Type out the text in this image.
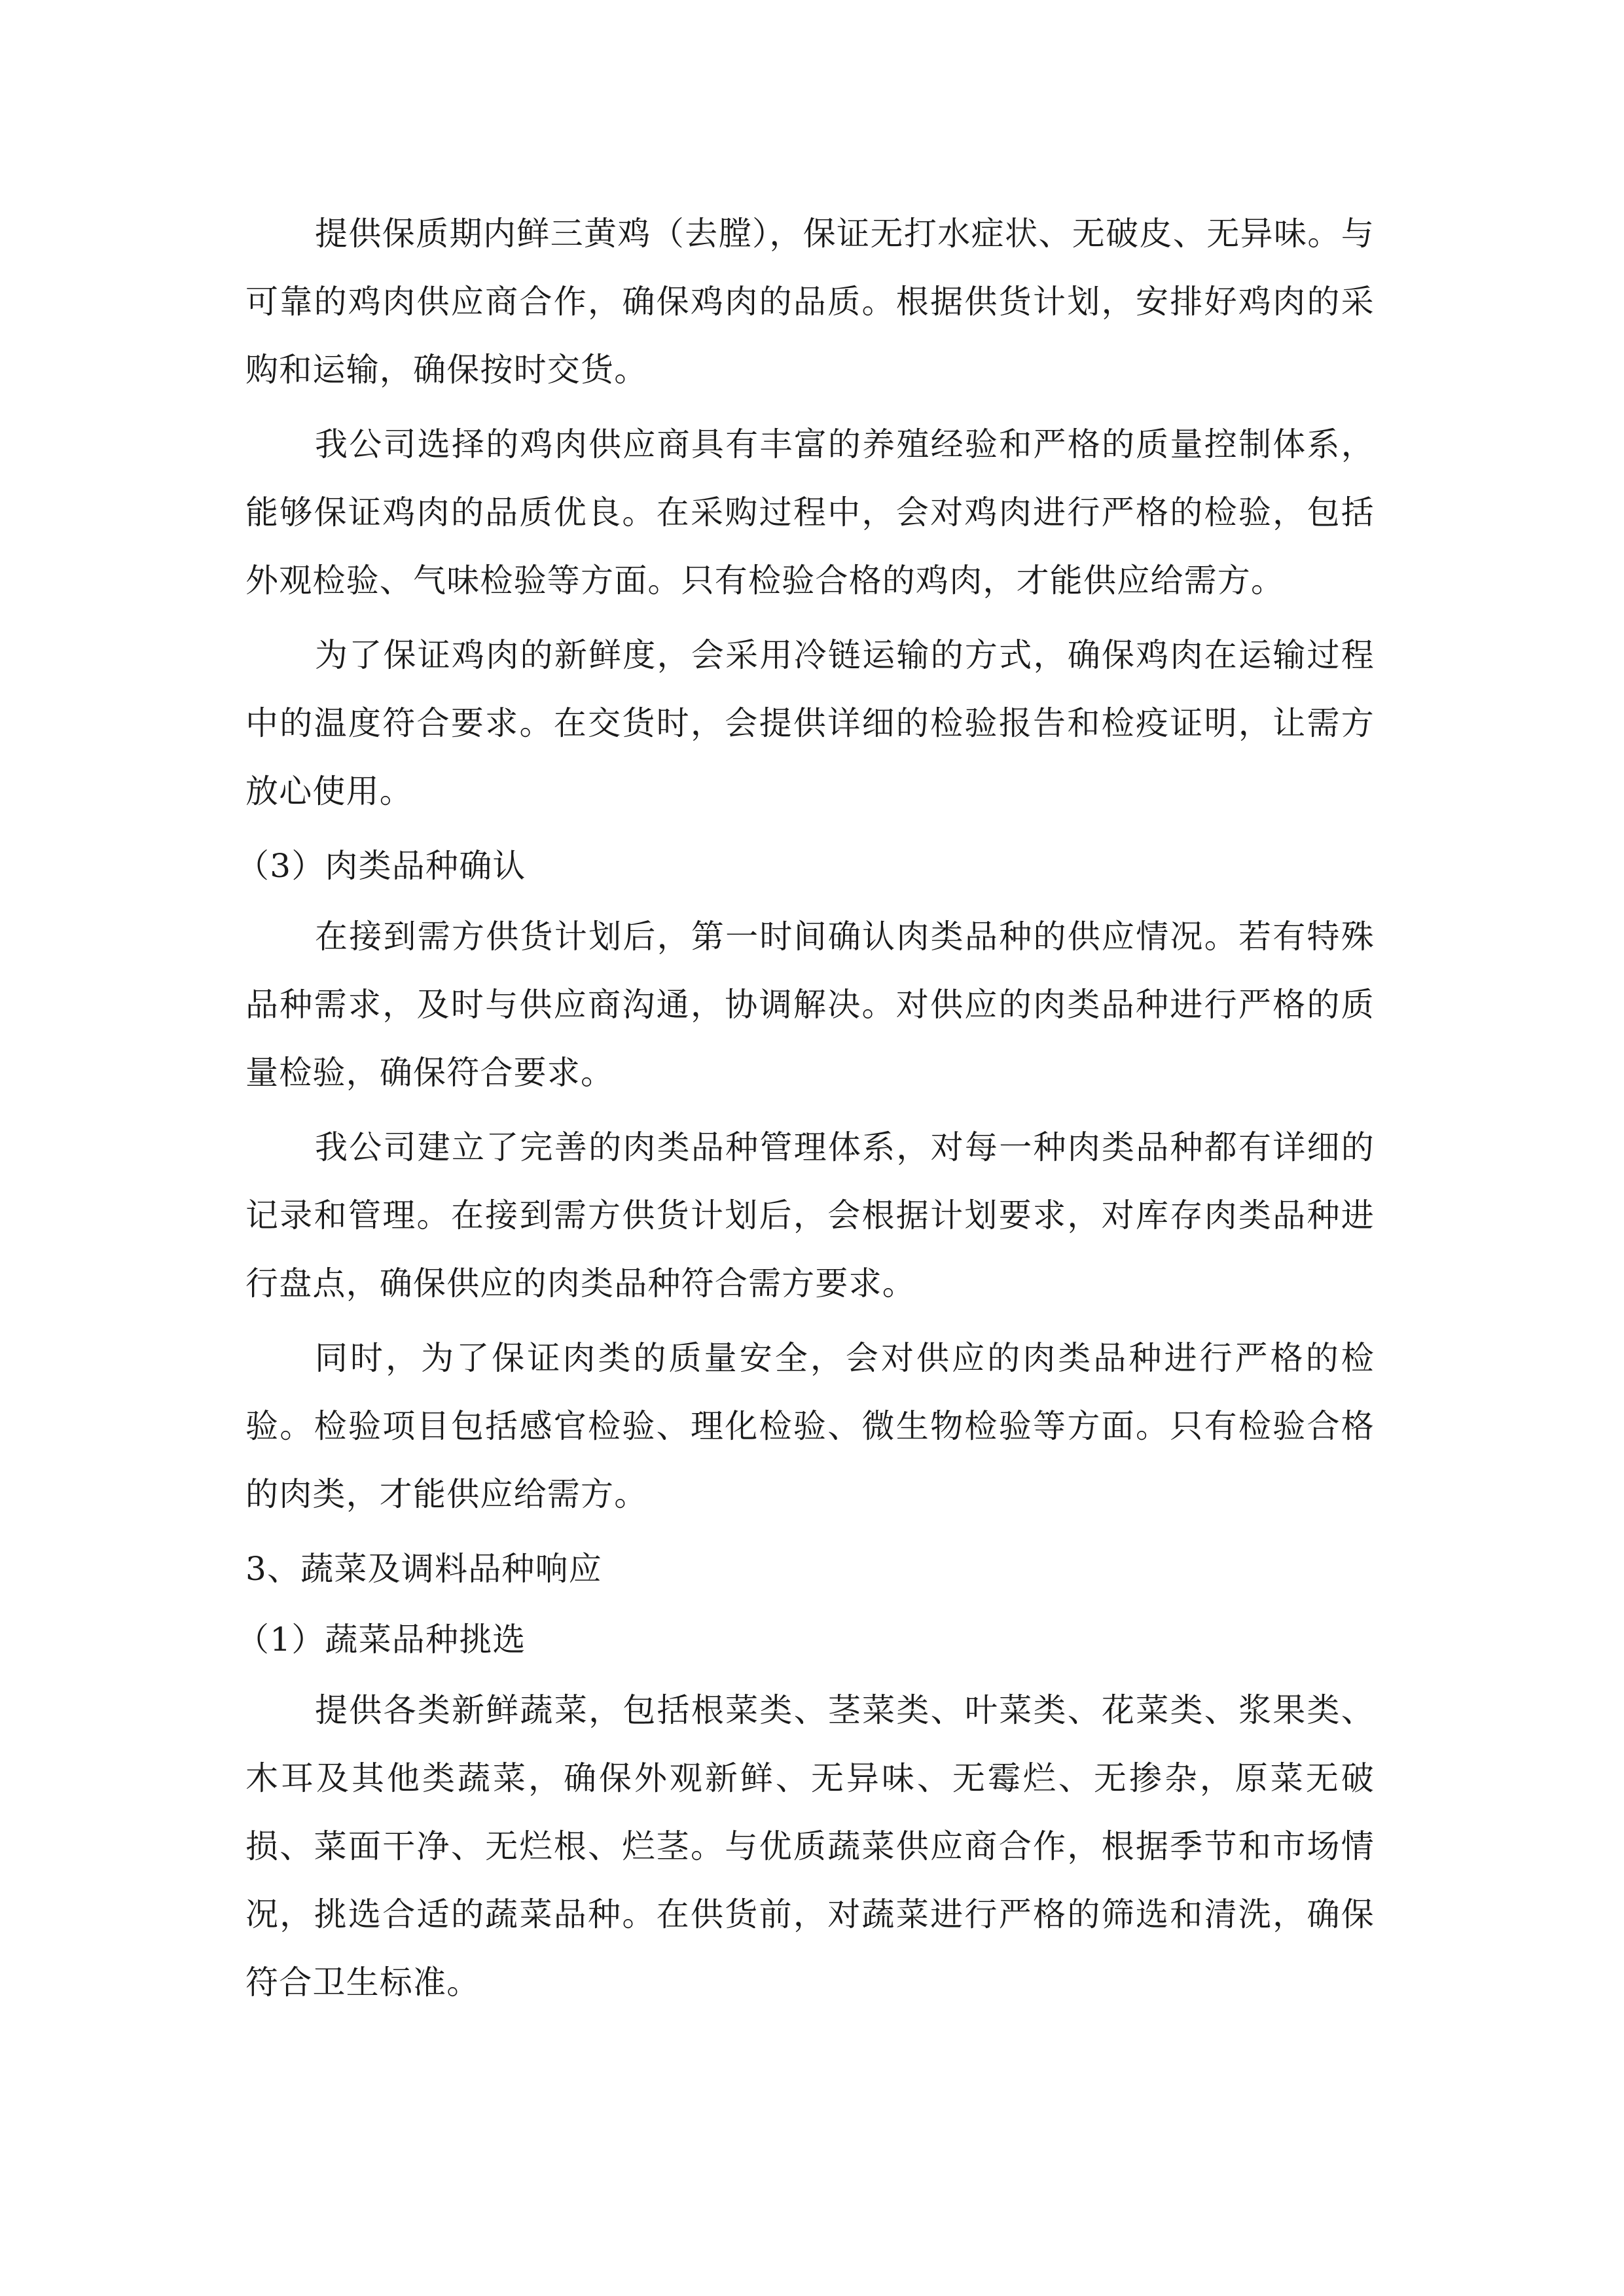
提供保质期内鲜三黄鸡（去膛），保证无打水症状、无破皮、无异味。与可靠的鸡肉供应商合作，确保鸡肉的品质。根据供货计划，安排好鸡肉的采购和运输，确保按时交货。

我公司选择的鸡肉供应商具有丰富的养殖经验和严格的质量控制体系，能够保证鸡肉的品质优良。在采购过程中，会对鸡肉进行严格的检验，包括外观检验、气味检验等方面。只有检验合格的鸡肉，才能供应给需方。

为了保证鸡肉的新鲜度，会采用冷链运输的方式，确保鸡肉在运输过程中的温度符合要求。在交货时，会提供详细的检验报告和检疫证明，让需方放心使用。

（3）肉类品种确认

在接到需方供货计划后，第一时间确认肉类品种的供应情况。若有特殊品种需求，及时与供应商沟通，协调解决。对供应的肉类品种进行严格的质量检验，确保符合要求。

我公司建立了完善的肉类品种管理体系，对每一种肉类品种都有详细的记录和管理。在接到需方供货计划后，会根据计划要求，对库存肉类品种进行盘点，确保供应的肉类品种符合需方要求。

同时，为了保证肉类的质量安全，会对供应的肉类品种进行严格的检验。检验项目包括感官检验、理化检验、微生物检验等方面。只有检验合格的肉类，才能供应给需方。

3、蔬菜及调料品种响应

（1）蔬菜品种挑选

提供各类新鲜蔬菜，包括根菜类、茎菜类、叶菜类、花菜类、浆果类、木耳及其他类蔬菜，确保外观新鲜、无异味、无霉烂、无掺杂，原菜无破损、菜面干净、无烂根、烂茎。与优质蔬菜供应商合作，根据季节和市场情况，挑选合适的蔬菜品种。在供货前，对蔬菜进行严格的筛选和清洗，确保符合卫生标准。
